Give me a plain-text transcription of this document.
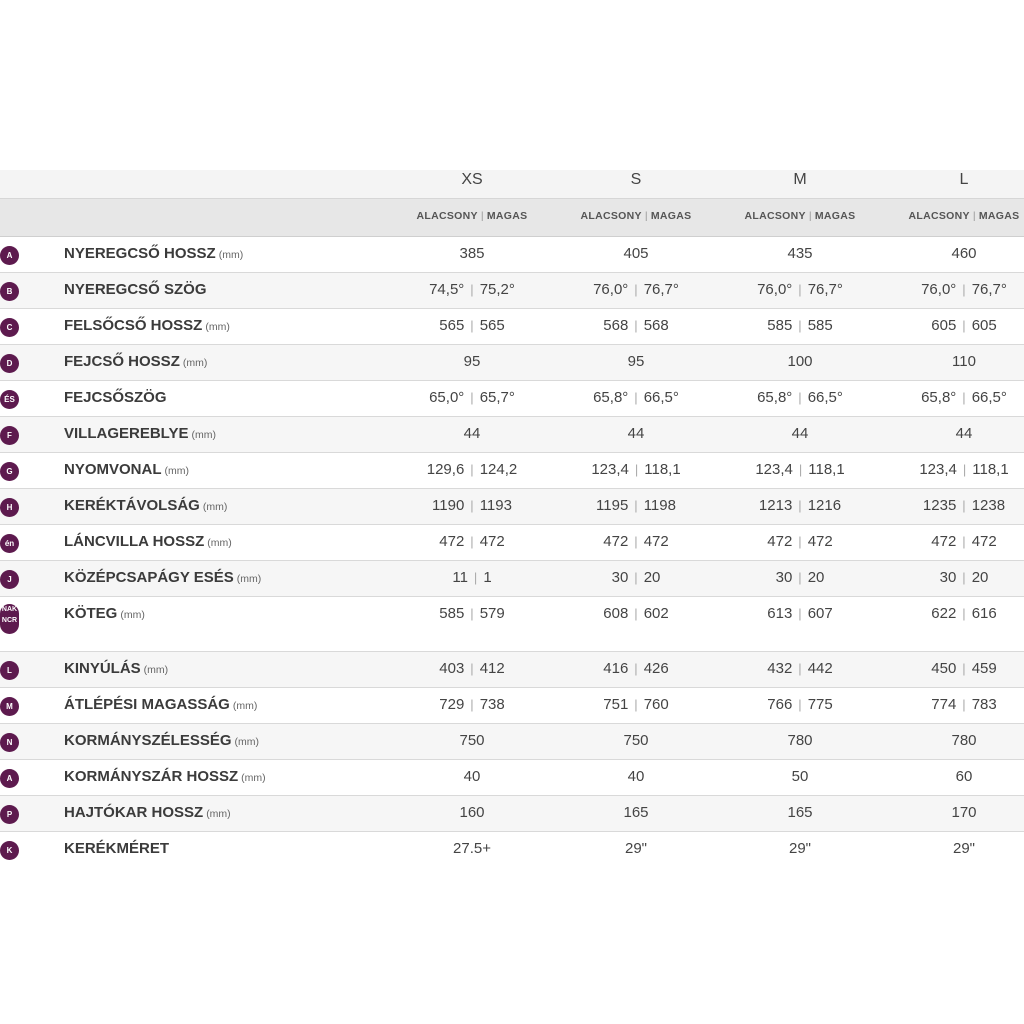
XS	S	M	L
ALACSONY | MAGAS	ALACSONY | MAGAS	ALACSONY | MAGAS	ALACSONY | MAGAS
A	NYEREGCSŐ HOSSZ (mm)	385	405	435	460
B	NYEREGCSŐ SZÖG	74,5° | 75,2°	76,0° | 76,7°	76,0° | 76,7°	76,0° | 76,7°
C	FELSŐCSŐ HOSSZ (mm)	565 | 565	568 | 568	585 | 585	605 | 605
D	FEJCSŐ HOSSZ (mm)	95	95	100	110
ÉS	FEJCSŐSZÖG	65,0° | 65,7°	65,8° | 66,5°	65,8° | 66,5°	65,8° | 66,5°
F	VILLAGEREBLYE (mm)	44	44	44	44
G	NYOMVONAL (mm)	129,6 | 124,2	123,4 | 118,1	123,4 | 118,1	123,4 | 118,1
H	KERÉKTÁVOLSÁG (mm)	1190 | 1193	1195 | 1198	1213 | 1216	1235 | 1238
én	LÁNCVILLA HOSSZ (mm)	472 | 472	472 | 472	472 | 472	472 | 472
J	KÖZÉPCSAPÁGY ESÉS (mm)	11 | 1	30 | 20	30 | 20	30 | 20
NAK NCR	KÖTEG (mm)	585 | 579	608 | 602	613 | 607	622 | 616
L	KINYÚLÁS (mm)	403 | 412	416 | 426	432 | 442	450 | 459
M	ÁTLÉPÉSI MAGASSÁG (mm)	729 | 738	751 | 760	766 | 775	774 | 783
N	KORMÁNYSZÉLESSÉG (mm)	750	750	780	780
A	KORMÁNYSZÁR HOSSZ (mm)	40	40	50	60
P	HAJTÓKAR HOSSZ (mm)	160	165	165	170
K	KERÉKMÉRET	27.5+	29"	29"	29"
